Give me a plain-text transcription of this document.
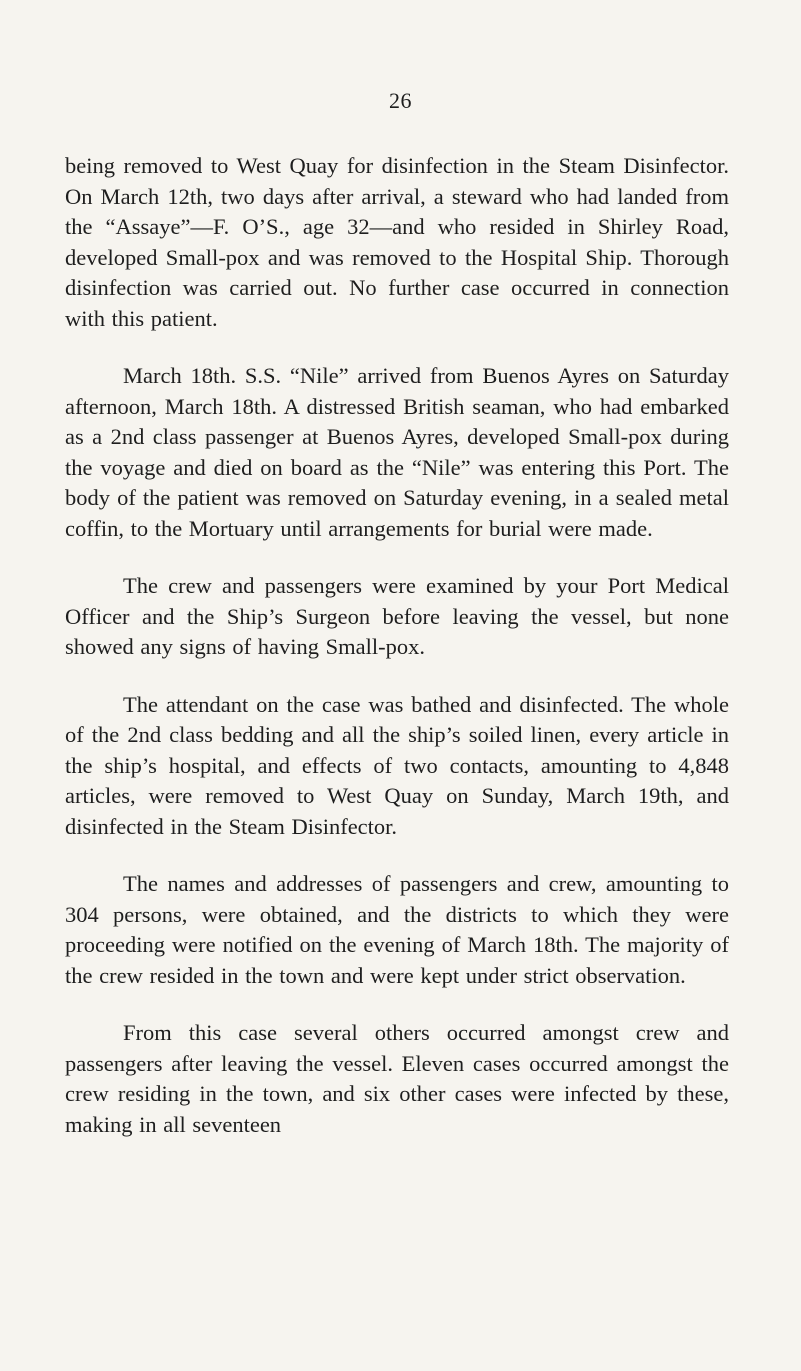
26

being removed to West Quay for disinfection in the Steam Disinfector. On March 12th, two days after arrival, a steward who had landed from the “Assaye”—F. O’S., age 32—and who resided in Shirley Road, developed Small-pox and was removed to the Hospital Ship. Thorough disinfection was carried out. No further case occurred in connection with this patient.

March 18th. S.S. “Nile” arrived from Buenos Ayres on Saturday afternoon, March 18th. A distressed British seaman, who had embarked as a 2nd class passenger at Buenos Ayres, developed Small-pox during the voyage and died on board as the “Nile” was entering this Port. The body of the patient was removed on Saturday evening, in a sealed metal coffin, to the Mortuary until arrangements for burial were made.

The crew and passengers were examined by your Port Medical Officer and the Ship’s Surgeon before leaving the vessel, but none showed any signs of having Small-pox.

The attendant on the case was bathed and disinfected. The whole of the 2nd class bedding and all the ship’s soiled linen, every article in the ship’s hospital, and effects of two contacts, amounting to 4,848 articles, were removed to West Quay on Sunday, March 19th, and disinfected in the Steam Disinfector.

The names and addresses of passengers and crew, amounting to 304 persons, were obtained, and the districts to which they were proceeding were notified on the evening of March 18th. The majority of the crew resided in the town and were kept under strict observation.

From this case several others occurred amongst crew and passengers after leaving the vessel. Eleven cases occurred amongst the crew residing in the town, and six other cases were infected by these, making in all seventeen
